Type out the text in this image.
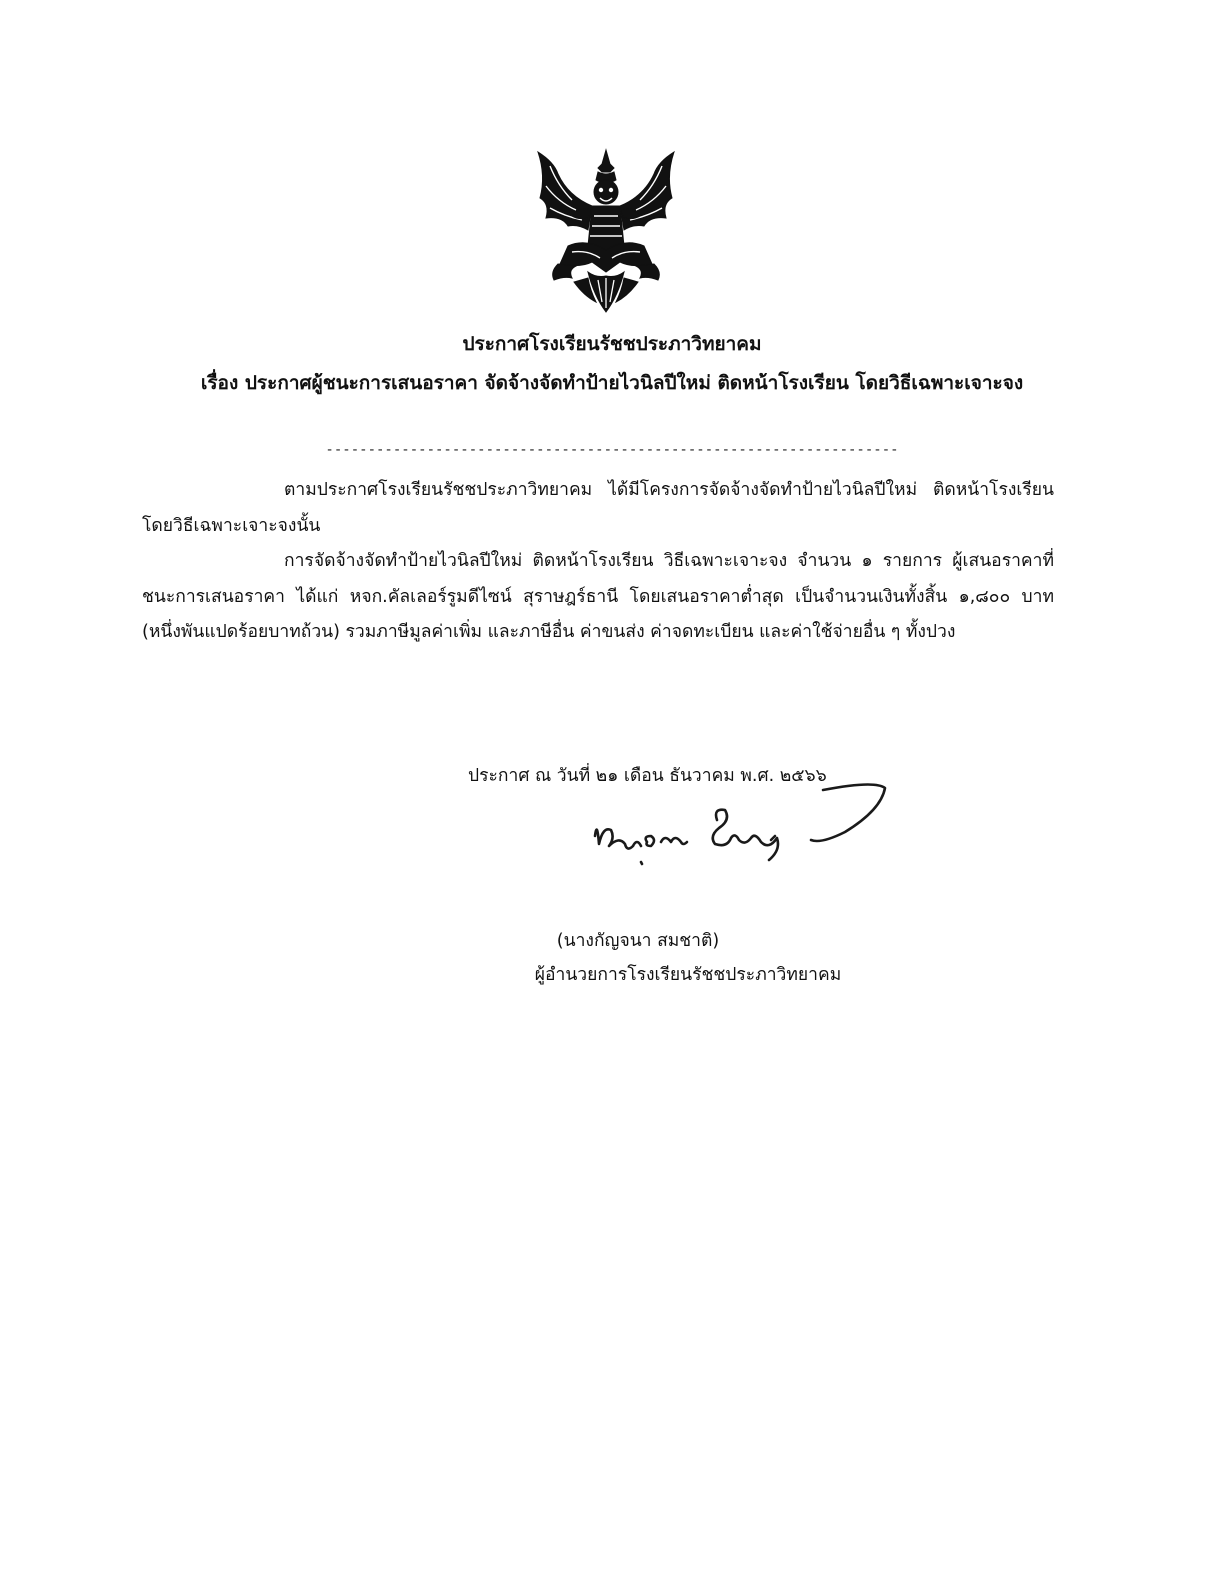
ประกาศโรงเรียนรัชชประภาวิทยาคม
เรื่อง ประกาศผู้ชนะการเสนอราคา จัดจ้างจัดทำป้ายไวนิลปีใหม่ ติดหน้าโรงเรียน โดยวิธีเฉพาะเจาะจง
--------------------------------------------------------------------
ตามประกาศโรงเรียนรัชชประภาวิทยาคม ได้มีโครงการจัดจ้างจัดทำป้ายไวนิลปีใหม่ ติดหน้าโรงเรียน โดยวิธีเฉพาะเจาะจงนั้น
การจัดจ้างจัดทำป้ายไวนิลปีใหม่ ติดหน้าโรงเรียน วิธีเฉพาะเจาะจง จำนวน ๑ รายการ ผู้เสนอราคาที่ชนะการเสนอราคา ได้แก่ หจก.คัลเลอร์รูมดีไซน์ สุราษฎร์ธานี โดยเสนอราคาต่ำสุด เป็นจำนวนเงินทั้งสิ้น ๑,๘๐๐ บาท (หนึ่งพันแปดร้อยบาทถ้วน) รวมภาษีมูลค่าเพิ่ม และภาษีอื่น ค่าขนส่ง ค่าจดทะเบียน และค่าใช้จ่ายอื่น ๆ ทั้งปวง
ประกาศ ณ วันที่ ๒๑ เดือน ธันวาคม พ.ศ. ๒๕๖๖
(นางกัญจนา สมชาติ)
ผู้อำนวยการโรงเรียนรัชชประภาวิทยาคม
